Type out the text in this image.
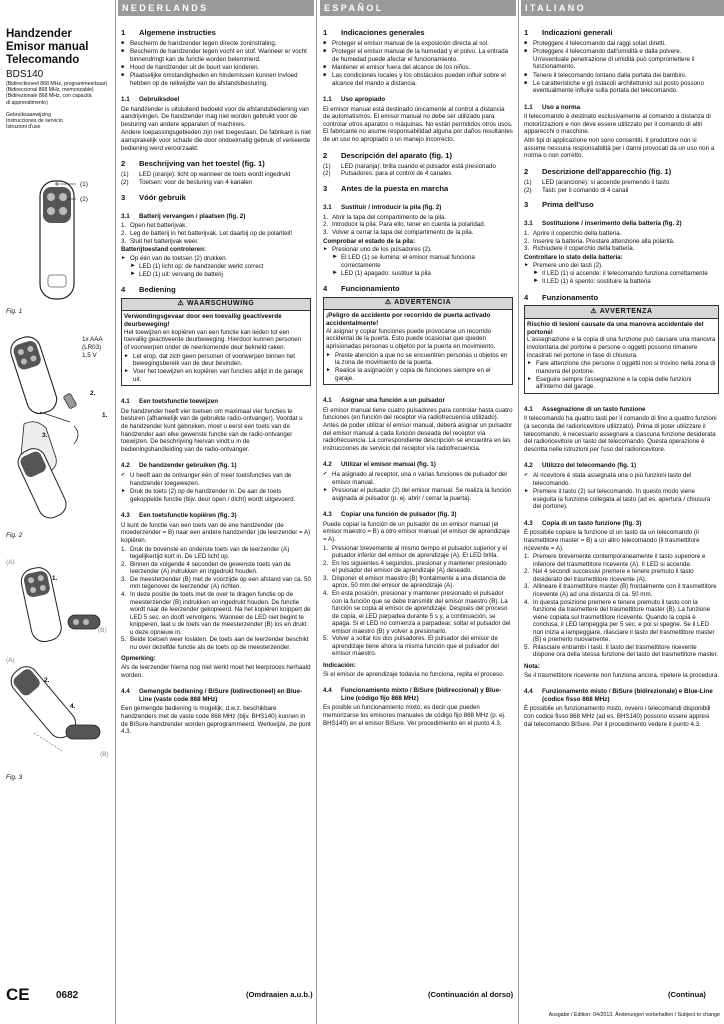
NEDERLANDS	ESPAÑOL	ITALIANO
Handzender
Emisor manual
Telecomando
BDS140
(Bidirectioneel 868 MHz, programmeerbaar)
(Bidireccional 868 MHz, memorizable)
(Bidirezionale 868 MHz, con capacità
di apprendimento)
Gebruiksaanwijzing
Instrucciones de servicio
Istruzioni d'uso
(1)
(2)
Fig. 1
1x AAA
(LR03)
1,5 V
2.
1.
3.
Fig. 2
(A)
1.
(B)
(A)
2.
4.
(B)
Fig. 3
1	Algemene instructies
■ Bescherm de handzender tegen directe zoninstraling.
■ Bescherm de handzender tegen vocht en stof. Wanneer er vocht binnendringt kan de functie worden belemmerd.
■ Houd de handzender uit de buurt van kinderen.
■ Plaatselijke omstandigheden en hindernissen kunnen invloed hebben op de reikwijdte van de afstandsbesturing.
1.1	Gebruiksdoel

De handzender is uitsluitend bedoeld voor de afstandsbediening van aandrijvingen. De handzender mag niet worden gebruikt voor de besturing van andere apparaten of machines.

Andere toepassingsgebieden zijn niet toegestaan. De fabrikant is niet aansprakelijk voor schade die door ondoelmatig gebruik of verkeerde bediening werd veroorzaakt.

2	Beschrijving van het toestel (fig. 1)
(1)	LED (oranje): licht op wanneer de toets wordt ingedrukt
(2)	Toetsen: voor de besturing van 4 kanalen
3	Vóór gebruik
3.1	Batterij vervangen / plaatsen (fig. 2)
1. Open het batterijvak.
2. Leg de batterij in het batterijvak. Let daarbij op de polariteit!
3. Sluit het batterijvak weer.

Batterijtoestand controleren:

► Op één van de toetsen (2) drukken.
► LED (1) licht op: de handzender werkt correct
► LED (1) uit: vervang de batterij
4	Bediening
⚠ WAARSCHUWING
Verwondingsgevaar door een toevallig geactiveerde deurbeweging!

Het toewijzen en kopiëren van een functie kan leiden tot een toevallig geactiveerde deurbeweging. Hierdoor kunnen personen of voorwerpen onder de neerkomende deur bekneld raken.

► Let erop, dat zich geen personen of voorwerpen binnen het bewegingsbereik van de deur bevinden.
► Voer het toewijzen en kopiëren van functies altijd in de garage uit.
4.1	Een toetsfunctie toewijzen

De handzender heeft vier toetsen om maximaal vier functies te besturen (afhankelijk van de gebruikte radio-ontvanger). Voordat u de handzender kunt gebruiken, moet u eerst een toets van de handzender aan elke gewenste functie van de radio-ontvanger toewijzen. De beschrijving hiervan vindt u in de bedieningshandleiding van de radio-ontvanger.

4.2	De handzender gebruiken (fig. 1)
✔ U heeft aan de ontvanger één of meer toetsfuncties van de handzender toegewezen.
► Druk de toets (2) op de handzender in. De aan de toets gekoppelde functie (bijv. deur open / dicht) wordt uitgevoerd.
4.3	Een toetsfunctie kopiëren (fig. 3)

U kunt de functie van een toets van de ene handzender (de moederzender = B) naar een andere handzender (de leerzender = A) kopiëren.

1. Druk de bovenste en onderste toets van de leerzender (A) tegelijkertijd kort in. De LED licht op.
2. Binnen de volgende 4 seconden de gewenste toets van de leerzender (A) indrukken en ingedrukt houden.
3. De meesterzender (B) met de voorzijde op een afstand van ca. 50 mm tegenover de leerzender (A) richten.
4. In deze positie de toets met de over te dragen functie op de meesterzender (B) indrukken en ingedrukt houden. De functie wordt naar de leerzender gekopieerd. Na het kopiëren knippert de LED 5 sec. en dooft vervolgens. Wanneer de LED niet begint te knipperen, laat u de toets van de meesterzender (B) los en drukt u deze opnieuw in.
5. Beide toetsen weer loslaten. De toets aan de leerzender beschikt nu over dezelfde functie als de toets op de meesterzender.

Opmerking:

Als de leerzender hierna nog niet werkt moet het leerproces herhaald worden.

4.4	Gemengde bediening / BiSure (bidirectioneel) en Blue-Line (vaste code 868 MHz)

Een gemengde bediening is mogelijk; d.w.z. beschikbare handzenders met de vaste code 868 MHz (bijv. BHS140) kunnen in de BiSure-handzender worden geprogrammeerd. Werkwijze, zie punt 4.3.

1	Indicaciones generales
■ Proteger el emisor manual de la exposición directa al sol.
■ Proteger el emisor manual de la humedad y el polvo. La entrada de humedad puede afectar el funcionamiento.
■ Mantener el emisor fuera del alcance de los niños.
■ Las condiciones locales y los obstáculos pueden influir sobre el alcance del mando a distancia.
1.1	Uso apropiado

El emisor manual está destinado únicamente al control a distancia de automatismos. El emisor manual no debe ser utilizado para controlar otros aparatos o máquinas. No están permitidos otros usos. El fabricante no asume responsabilidad alguna por daños resultantes de un uso no apropiado o un manejo incorrecto.

2	Descripción del aparato (fig. 1)
(1)	LED (naranja): brilla cuando el pulsador está presionado
(2)	Pulsadores: para el control de 4 canales
3	Antes de la puesta en marcha
3.1	Sustituir / introducir la pila (fig. 2)
1. Abrir la tapa del compartimento de la pila.
2. Introducir la pila. Para ello, tener en cuenta la polaridad.
3. Volver a cerrar la tapa del compartimento de la pila.

Comprobar el estado de la pila:

► Presionar uno de los pulsadores (2).
► El LED (1) se ilumina: el emisor manual funciona correctamente
► LED (1) apagado: sustituir la pila
4	Funcionamiento
⚠ ADVERTENCIA
¡Peligro de accidente por recorrido de puerta activado accidentalmente!

Al asignar y copiar funciones puede provocarse un recorrido accidental de la puerta. Esto puede ocasionar que queden aprisionadas personas u objetos por la puerta en movimiento.

► Preste atención a que no se encuentren personas u objetos en la zona de movimiento de la puerta.
► Realice la asignación y copia de funciones siempre en el garaje.
4.1	Asignar una función a un pulsador

El emisor manual tiene cuatro pulsadores para controlar hasta cuatro funciones (en función del receptor vía radiofrecuencia utilizado). Antes de poder utilizar el emisor manual, deberá asignar un pulsador del emisor manual a cada función deseada del receptor vía radiofrecuencia. La correspondiente descripción se encuentra en las instrucciones de servicio del receptor vía radiofrecuencia.

4.2	Utilizar el emisor manual (fig. 1)
✔ Ha asignado al receptor, una o varias funciones de pulsador del emisor manual.
► Presionar el pulsador (2) del emisor manual. Se realiza la función asignada al pulsador (p. ej. abrir / cerrar la puerta).
4.3	Copiar una función de pulsador (fig. 3)

Puede copiar la función de un pulsador de un emisor manual (el emisor maestro = B) a otro emisor manual (el emisor de aprendizaje = A).

1. Presionar brevemente al mismo tiempo el pulsador superior y el pulsador inferior del emisor de aprendizaje (A). El LED brilla.
2. En los siguientes 4 segundos, presionar y mantener presionado el pulsador del emisor de aprendizaje (A) deseado.
3. Disponer el emisor maestro (B) frontalmente a una distancia de aprox. 50 mm del emisor de aprendizaje (A).
4. En esta posición, presionar y mantener presionado el pulsador con la función que se debe transmitir del emisor maestro (B). La función se copia al emisor de aprendizaje. Después del proceso de copia, el LED parpadea durante 5 s y, a continuación, se apaga. Si el LED no comienza a parpadear, soltar el pulsador del emisor maestro (B) y volver a presionarlo.
5. Volver a soltar los dos pulsadores. El pulsador del emisor de aprendizaje tiene ahora la misma función que el pulsador del emisor maestro.

Indicación:

Si el emisor de aprendizaje todavía no funciona, repita el proceso.

4.4	Funcionamiento mixto / BiSure (bidireccional) y Blue-Line (código fijo 868 MHz)

Es posible un funcionamiento mixto; es decir que pueden memorizarse los emisores manuales de código fijo 868 MHz (p. ej. BHS140) en el emisor BiSure. Ver procedimiento en el punto 4.3.

1	Indicazioni generali
■ Proteggere il telecomando dai raggi solari diretti.
■ Proteggere il telecomando dall'umidità e dalla polvere. Un'eventuale penetrazione di umidità può compromettere il funzionamento.
■ Tenere il telecomando lontano dalla portata dei bambini.
■ Le caratteristiche e gli ostacoli architettonici sul posto possono eventualmente influire sulla portata del telecomando.
1.1	Uso a norma

Il telecomando è destinato esclusivamente al comando a distanza di motorizzazioni e non deve essere utilizzato per il comando di altri apparecchi o macchine.

Altri tipi di applicazione non sono consentiti. Il produttore non si assume nessuna responsabilità per i danni provocati da un uso non a norma o non corretto.

2	Descrizione dell'apparecchio (fig. 1)
(1)	LED (arancione): si accende premendo il tasto
(2)	Tasti: per il comando di 4 canali
3	Prima dell'uso
3.1	Sostituzione / inserimento della batteria (fig. 2)
1. Aprire il coperchio della batteria.
2. Inserire la batteria. Prestare attenzione alla polarità.
3. Richiudere il coperchio della batteria.

Controllare lo stato della batteria:

► Premere uno dei tasti (2).
► Il LED (1) si accende: il telecomando funziona correttamente
► Il LED (1) è spento: sostituire la batteria
4	Funzionamento
⚠ AVVERTENZA
Rischio di lesioni causate da una manovra accidentale del portone!

L'assegnazione e la copia di una funzione può causare una manovra involontaria del portone e persone o oggetti possono rimanere incastrati nel portone in fase di chiusura.

► Fare attenzione che persone o oggetti non si trovino nella zona di manovra del portone.
► Eseguire sempre l'assegnazione e la copia delle funzioni all'interno del garage.
4.1	Assegnazione di un tasto funzione

Il telecomando ha quattro tasti per il comando di fino a quattro funzioni (a seconda del radioricevitore utilizzato). Prima di poter utilizzare il telecomando, è necessario assegnare a ciascuna funzione desiderata del radioricevitore un tasto del telecomando. Questa operazione è descritta nelle istruzioni per l'uso del radioricevitore.

4.2	Utilizzo del telecomando (fig. 1)
✔ Al ricevitore è stata assegnata una o più funzioni tasto del telecomando.
► Premere il tasto (2) sul telecomando. In questo modo viene eseguita la funzione collegata al tasto (ad es. apertura / chiusura del portone).
4.3	Copia di un tasto funzione (fig. 3)

È possibile copiare la funzione di un tasto da un telecomando (il trasmettitore master = B) a un altro telecomando (il trasmettitore ricevente = A).

1. Premere brevemente contemporaneamente il tasto superiore e inferiore del trasmettitore ricevente (A). Il LED si accende.
2. Nei 4 secondi successivi premere e tenere premuto il tasto desiderato del trasmettitore ricevente (A).
3. Allineare il trasmettitore master (B) frontalmente con il trasmettitore ricevente (A) ad una distanza di ca. 50 mm.
4. In questa posizione premere e tenere premuto il tasto con la funzione da trasmettere del trasmettitore master (B). La funzione viene copiata sul trasmettitore ricevente. Quando la copia è conclusa, il LED lampeggia per 5 sec. e poi si spegne. Se il LED non inizia a lampeggiare, rilasciare il tasto del trasmettitore master (B) e premerlo nuovamente.
5. Rilasciare entrambi i tasti. Il tasto del trasmettitore ricevente dispone ora della stessa funzione del tasto del trasmettitore master.

Nota:

Se il trasmettitore ricevente non funziona ancora, ripetere la procedura.

4.4	Funzionamento misto / BiSure (bidirezionale) e Blue-Line (codice fisso 868 MHz)

È possibile un funzionamento misto, ovvero i telecomandi disponibili con codice fisso 868 MHz (ad es. BHS140) possono essere appresi dal telecomando BiSure. Per il procedimento vedere il punto 4.3.

CE	0682	(Omdraaien a.u.b.)	(Continuación al dorso)	(Continua)
Ausgabe / Edition: 04/2013. Änderungen vorbehalten / Subject to change
